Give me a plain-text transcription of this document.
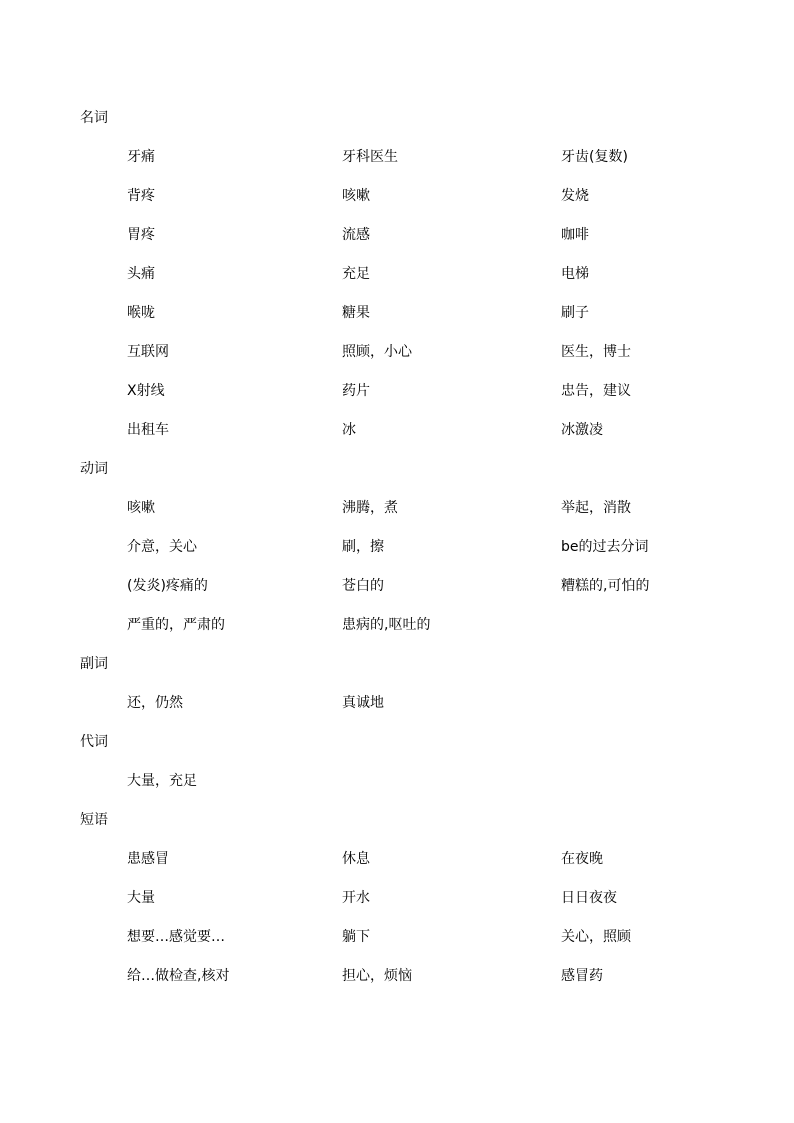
名词
牙痛	牙科医生	牙齿(复数)
背疼	咳嗽	发烧
胃疼	流感	咖啡
头痛	充足	电梯
喉咙	糖果	刷子
互联网	照顾，小心	医生，博士
X射线	药片	忠告，建议
出租车	冰	冰激凌
动词
咳嗽	沸腾，煮	举起，消散
介意，关心	刷，擦	be的过去分词
(发炎)疼痛的	苍白的	糟糕的,可怕的
严重的，严肃的	患病的,呕吐的
副词
还，仍然	真诚地
代词
大量，充足
短语
患感冒	休息	在夜晚
大量	开水	日日夜夜
想要…感觉要…	躺下	关心，照顾
给…做检查,核对	担心，烦恼	感冒药
